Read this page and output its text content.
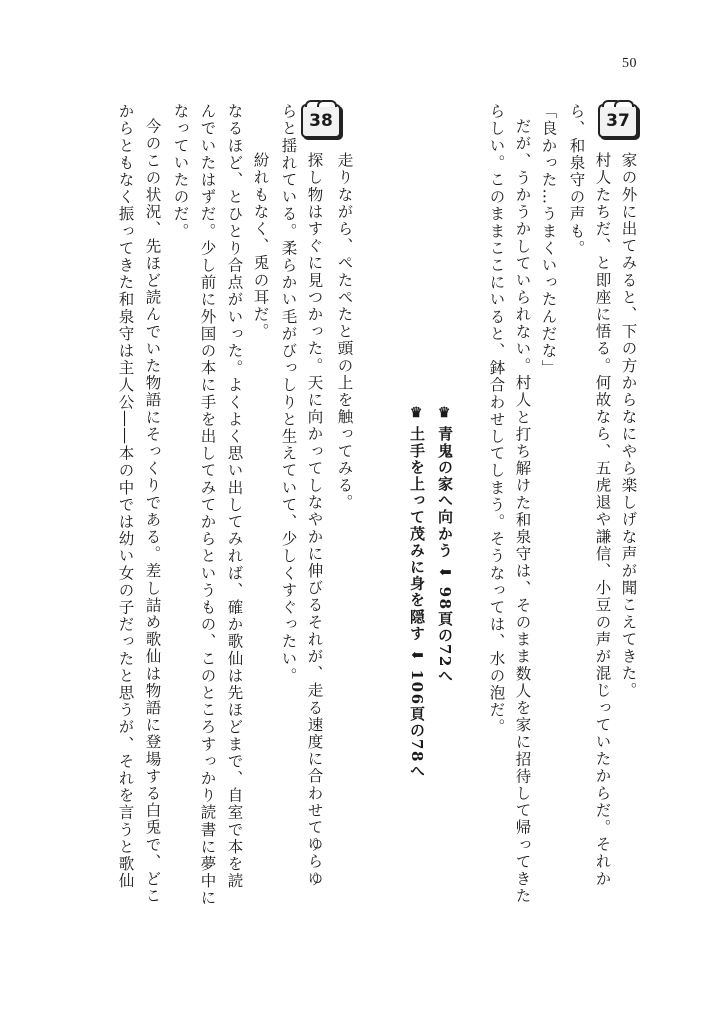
50
37
家の外に出てみると、下の方からなにやら楽しげな声が聞こえてきた。
村人たちだ、と即座に悟る。何故なら、五虎退や謙信、小豆の声が混じっていたからだ。それか
ら、和泉守の声も。
「良かった…うまくいったんだな」
だが、うかうかしていられない。村人と打ち解けた和泉守は、そのまま数人を家に招待して帰ってきた
らしい。このままここにいると、鉢合わせしてしまう。そうなっては、水の泡だ。
♛青鬼の家へ向かう ⬇ 98頁の72へ
♛土手を上って茂みに身を隠す ⬇ 106頁の78へ
38
走りながら、ぺたぺたと頭の上を触ってみる。
探し物はすぐに見つかった。天に向かってしなやかに伸びるそれが、走る速度に合わせてゆらゆ
らと揺れている。柔らかい毛がびっしりと生えていて、少しくすぐったい。
紛れもなく、兎の耳だ。
なるほど、とひとり合点がいった。よくよく思い出してみれば、確か歌仙は先ほどまで、自室で本を読
んでいたはずだ。少し前に外国の本に手を出してみてからというもの、このところすっかり読書に夢中に
なっていたのだ。
今のこの状況、先ほど読んでいた物語にそっくりである。差し詰め歌仙は物語に登場する白兎で、どこ
からともなく振ってきた和泉守は主人公――本の中では幼い女の子だったと思うが、それを言うと歌仙
